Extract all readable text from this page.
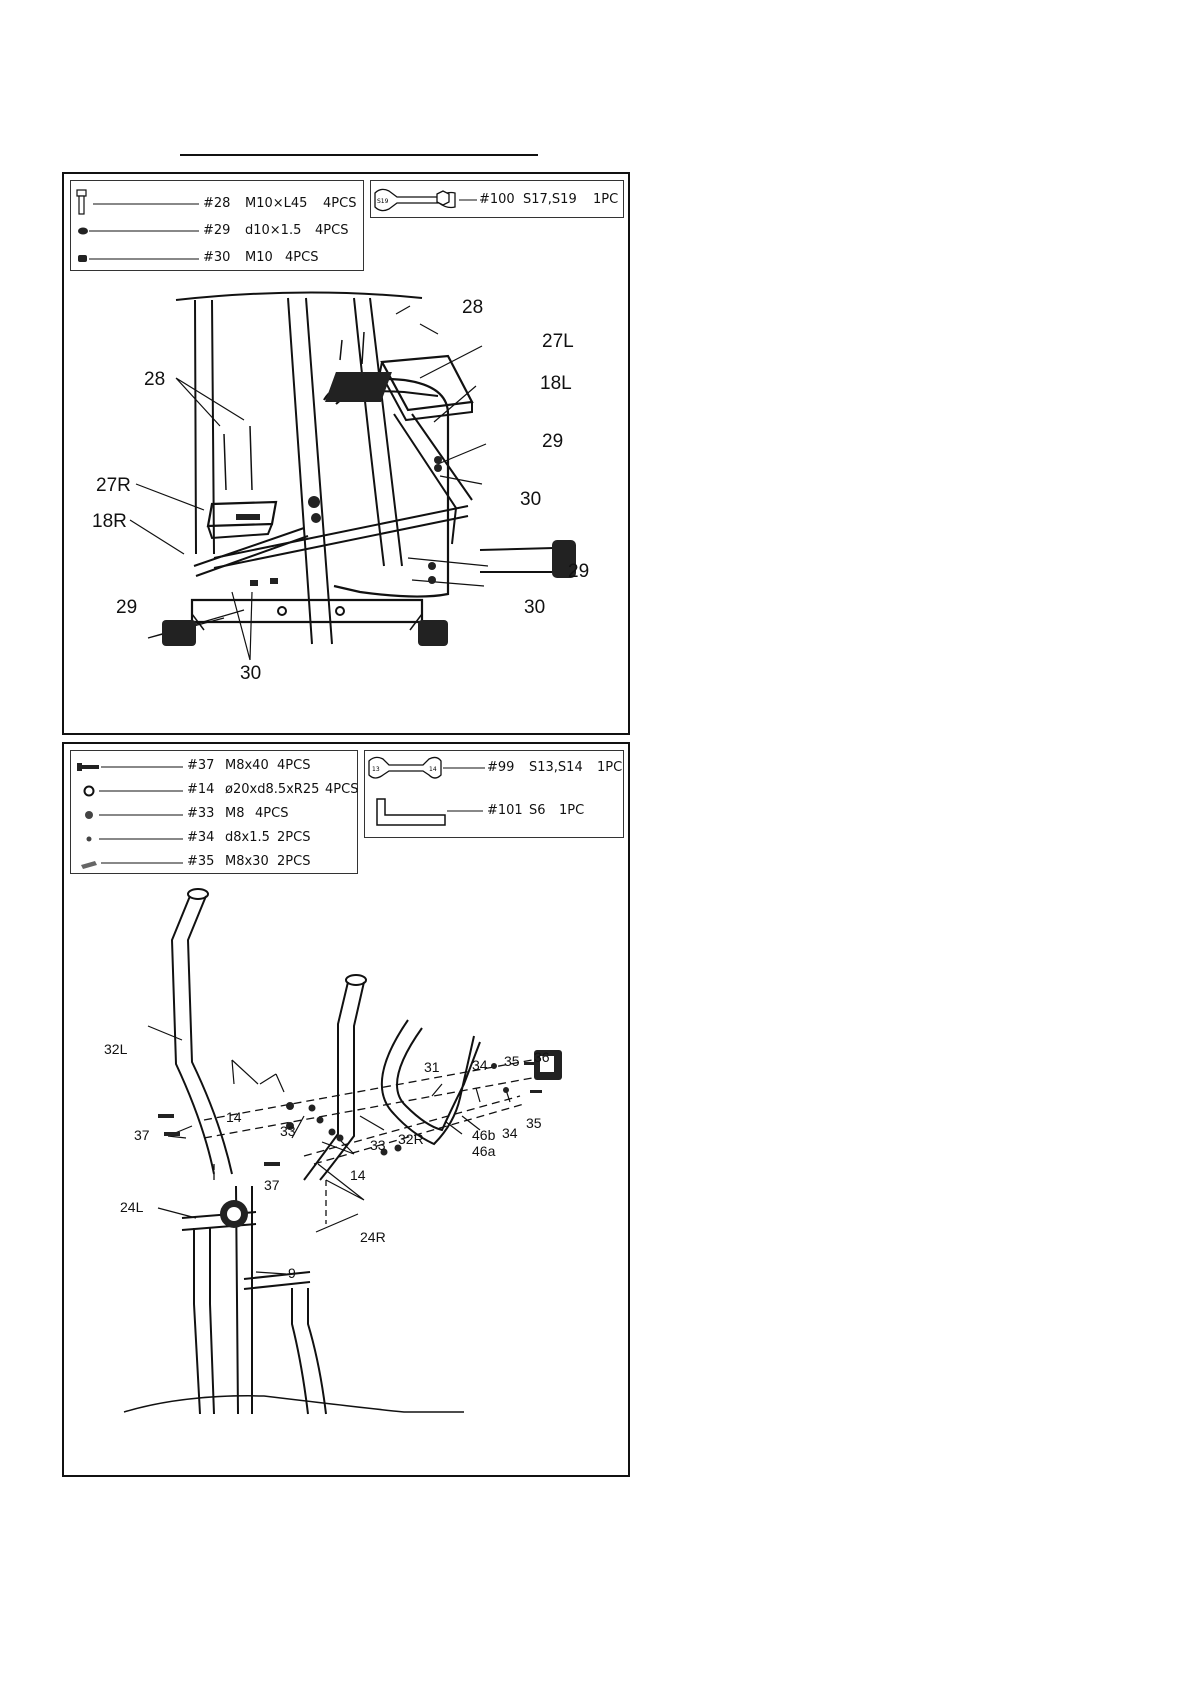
#28 M10×L45 4PCS
#29 d10×1.5 4PCS
#30 M10 4PCS
S19	#100 S17,S19 1PC
28
27L
18L
29
30
28
27R
18R
29
30
29
30
#37 M8x40 4PCS
#14 ø20xd8.5xR25 4PCS
#33 M8 4PCS
#34 d8x1.5 2PCS
#35 M8x30 2PCS
13	14	#99 S13,S14 1PC
#101 S6 1PC
32L
14
33
31 34 35 36
35
34
46b
46a
32R
33
14
37
37
24L
24R
9
